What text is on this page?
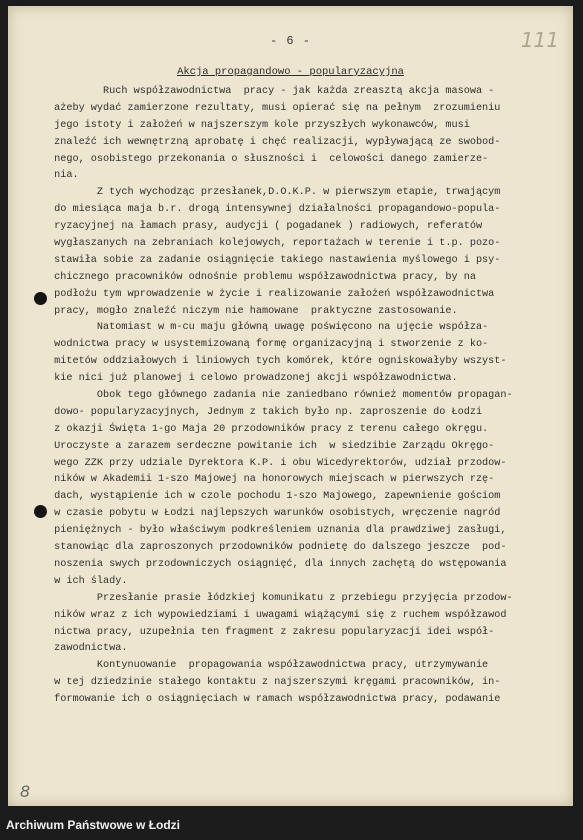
- 6 -	111
Akcja propagandowo - popularyzacyjna
Ruch współzawodnictwa  pracy - jak każda zreasztą akcja masowa -
ażeby wydać zamierzone rezultaty, musi opierać się na pełnym  zrozumieniu
jego istoty i założeń w najszerszym kole przyszłych wykonawców, musi
znaleźć ich wewnętrzną aprobatę i chęć realizacji, wypływającą ze swobod-
nego, osobistego przekonania o słuszności i  celowości danego zamierze-
nia.
Z tych wychodząc przesłanek,D.O.K.P. w pierwszym etapie, trwającym
do miesiąca maja b.r. drogą intensywnej działalności propagandowo-popula-
ryzacyjnej na łamach prasy, audycji ( pogadanek ) radiowych, referatów
wygłaszanych na zebraniach kolejowych, reportażach w terenie i t.p. pozo-
stawiła sobie za zadanie osiągnięcie takiego nastawienia myślowego i psy-
chicznego pracowników odnośnie problemu współzawodnictwa pracy, by na
podłożu tym wprowadzenie w życie i realizowanie założeń współzawodnictwa
pracy, mogło znaleźć niczym nie hamowane  praktyczne zastosowanie.
Natomiast w m-cu maju główną uwagę poświęcono na ujęcie współza-
wodnictwa pracy w usystemizowaną formę organizacyjną i stworzenie z ko-
mitetów oddziałowych i liniowych tych komórek, które ogniskowałyby wszyst-
kie nici już planowej i celowo prowadzonej akcji współzawodnictwa.
Obok tego głównego zadania nie zaniedbano również momentów propagan-
dowo- popularyzacyjnych, Jednym z takich było np. zaproszenie do Łodzi
z okazji Święta 1-go Maja 20 przodowników pracy z terenu całego okręgu.
Uroczyste a zarazem serdeczne powitanie ich  w siedzibie Zarządu Okręgo-
wego ZZK przy udziale Dyrektora K.P. i obu Wicedyrektorów, udział przodow-
ników w Akademii 1-szo Majowej na honorowych miejscach w pierwszych rzę-
dach, wystąpienie ich w czole pochodu 1-szo Majowego, zapewnienie gościom
w czasie pobytu w Łodzi najlepszych warunków osobistych, wręczenie nagród
pieniężnych - było właściwym podkreśleniem uznania dla prawdziwej zasługi,
stanowiąc dla zaproszonych przodowników podnietę do dalszego jeszcze  pod-
noszenia swych przodowniczych osiągnięć, dla innych zachętą do wstępowania
w ich ślady.
Przesłanie prasie łódzkiej komunikatu z przebiegu przyjęcia przodow-
ników wraz z ich wypowiedziami i uwagami wiążącymi się z ruchem współzawod
nictwa pracy, uzupełnia ten fragment z zakresu popularyzacji idei współ-
zawodnictwa.
Kontynuowanie  propagowania współzawodnictwa pracy, utrzymywanie
w tej dziedzinie stałego kontaktu z najszerszymi kręgami pracowników, in-
formowanie ich o osiągnięciach w ramach współzawodnictwa pracy, podawanie
8
Archiwum Państwowe w Łodzi
